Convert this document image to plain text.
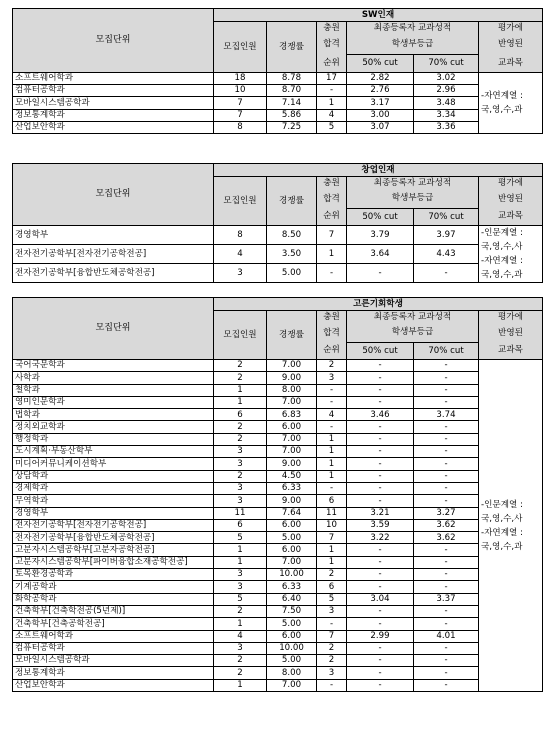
모집단위	SW인재					
	모집인원	경쟁률	충원	최종등록자 교과성적		평가에
			합격	학생부등급		반영된
			순위	50% cut	70% cut	교과목
소프트웨어학과	18	8.78	17	2.82	3.02	-자연계열 :
국,영,수,과

컴퓨터공학과	10	8.70	-	2.76	2.96	
모바일시스템공학과	7	7.14	1	3.17	3.48	
정보통계학과	7	5.86	4	3.00	3.34	
산업보안학과	8	7.25	5	3.07	3.36	
모집단위	창업인재					
	모집인원	경쟁률	충원	최종등록자 교과성적		평가에
			합격	학생부등급		반영된
			순위	50% cut	70% cut	교과목
경영학부	8	8.50	7	3.79	3.97	-인문계열 :
국,영,수,사
-자연계열 :
국,영,수,과

전자전기공학부[전자전기공학전공]	4	3.50	1	3.64	4.43	
전자전기공학부[융합반도체공학전공]	3	5.00	-	-	-	
모집단위	고른기회학생					
	모집인원	경쟁률	충원	최종등록자 교과성적		평가에
			합격	학생부등급		반영된
			순위	50% cut	70% cut	교과목
국어국문학과	2	7.00	2	-	-	-인문계열 :
국,영,수,사
-자연계열 :
국,영,수,과

사학과	2	9.00	3	-	-	
철학과	1	8.00	-	-	-	
영미인문학과	1	7.00	-	-	-	
법학과	6	6.83	4	3.46	3.74	
정치외교학과	2	6.00	-	-	-	
행정학과	2	7.00	1	-	-	
도시계획·부동산학부	3	7.00	1	-	-	
미디어커뮤니케이션학부	3	9.00	1	-	-	
상담학과	2	4.50	1	-	-	
경제학과	3	6.33	-	-	-	
무역학과	3	9.00	6	-	-	
경영학부	11	7.64	11	3.21	3.27	
전자전기공학부[전자전기공학전공]	6	6.00	10	3.59	3.62	
전자전기공학부[융합반도체공학전공]	5	5.00	7	3.22	3.62	
고분자시스템공학부[고분자공학전공]	1	6.00	1	-	-	
고분자시스템공학부[파이버융합소재공학전공]	1	7.00	1	-	-	
토목환경공학과	3	10.00	2	-	-	
기계공학과	3	6.33	6	-	-	
화학공학과	5	6.40	5	3.04	3.37	
건축학부[건축학전공(5년제)]	2	7.50	3	-	-	
건축학부[건축공학전공]	1	5.00	-	-	-	
소프트웨어학과	4	6.00	7	2.99	4.01	
컴퓨터공학과	3	10.00	2	-	-	
모바일시스템공학과	2	5.00	2	-	-	
정보통계학과	2	8.00	3	-	-	
산업보안학과	1	7.00	-	-	-	
